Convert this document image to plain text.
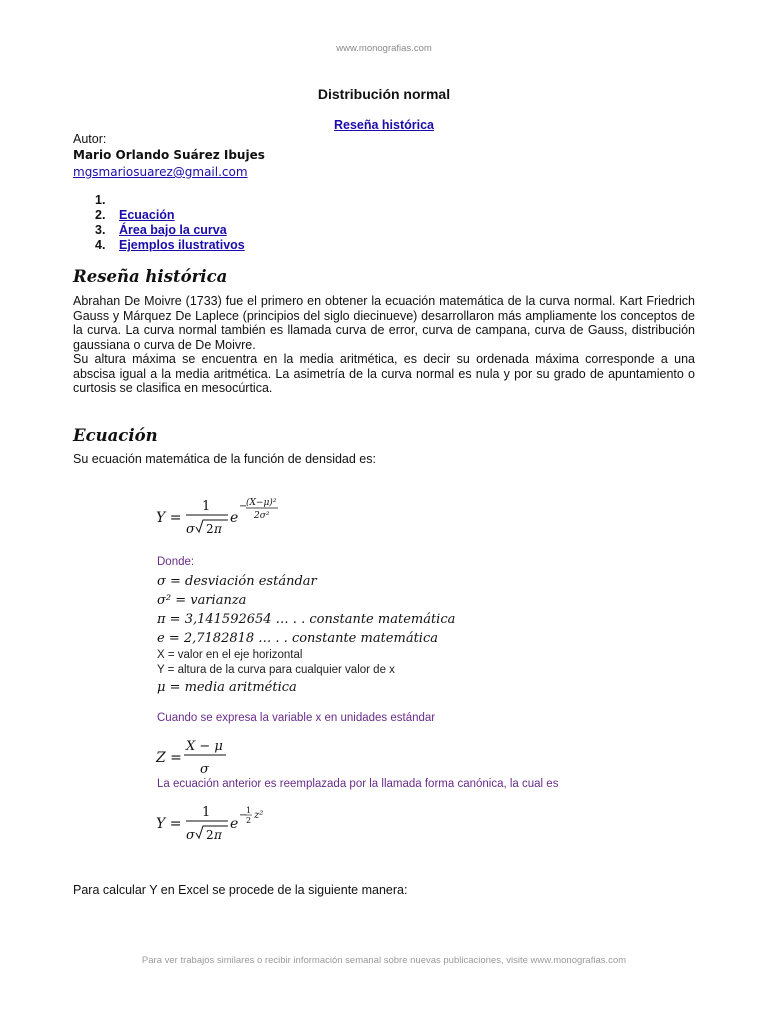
www.monografias.com
Distribución normal
Reseña histórica
Autor:
Mario Orlando Suárez Ibujes
mgsmariosuarez@gmail.com
1.
2.	Ecuación
3.	Área bajo la curva
4.	Ejemplos ilustrativos
Reseña histórica

Abrahan De Moivre (1733) fue el primero en obtener la ecuación matemática de la curva normal. Kart Friedrich Gauss y Márquez De Laplece (principios del siglo diecinueve) desarrollaron más ampliamente los conceptos de la curva. La curva normal también es llamada curva de error, curva de campana, curva de Gauss, distribución gaussiana o curva de De Moivre.

Su altura máxima se encuentra en la media aritmética, es decir su ordenada máxima corresponde a una abscisa igual a la media aritmética. La asimetría de la curva normal es nula y por su grado de apuntamiento o curtosis se clasifica en mesocúrtica.

Ecuación
Su ecuación matemática de la función de densidad es:
Y =
1
σ 2 π
e
−
(X−μ)²
2σ²
Donde:
σ = desviación estándar
σ² = varianza
π = 3,141592654 … . . constante matemática
e = 2,7182818 … . . constante matemática
X = valor en el eje horizontal
Y = altura de la curva para cualquier valor de x
μ = media aritmética
Cuando se expresa la variable x en unidades estándar
Z =
X − μ
σ
La ecuación anterior es reemplazada por la llamada forma canónica, la cual es
Y =
1
σ 2 π
e
−
1
2 z²
Para calcular Y en Excel se procede de la siguiente manera:
Para ver trabajos similares o recibir información semanal sobre nuevas publicaciones, visite www.monografias.com
